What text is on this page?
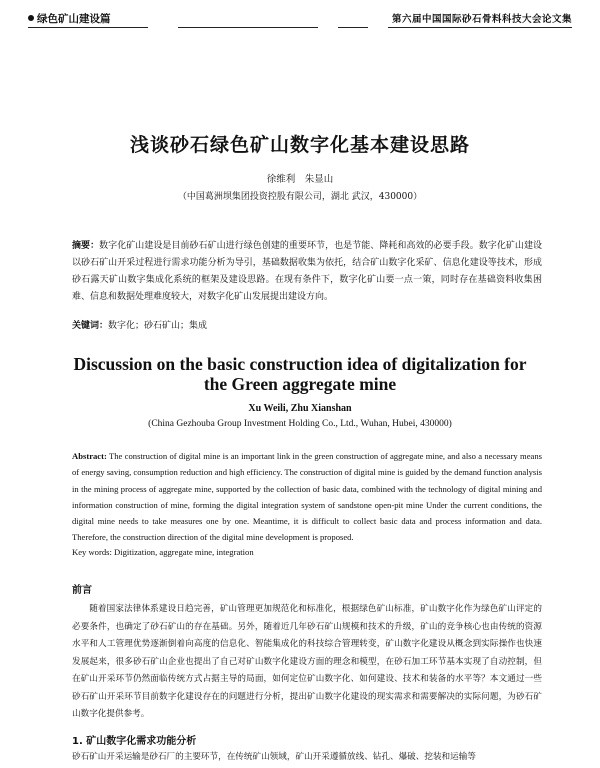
绿色矿山建设篇	第六届中国国际砂石骨料科技大会论文集
浅谈砂石绿色矿山数字化基本建设思路
徐维利　朱显山
（中国葛洲坝集团投资控股有限公司，湖北 武汉，430000）
摘要：数字化矿山建设是目前砂石矿山进行绿色创建的重要环节，也是节能、降耗和高效的必要手段。数字化矿山建设以砂石矿山开采过程进行需求功能分析为导引，基础数据收集为依托，结合矿山数字化采矿、信息化建设等技术，形成砂石露天矿山数字集成化系统的框架及建设思路。在现有条件下，数字化矿山要一点一策，同时存在基础资料收集困难、信息和数据处理难度较大，对数字化矿山发展提出建设方向。
关键词：数字化；砂石矿山；集成
Discussion on the basic construction idea of digitalization for the Green aggregate mine
Xu Weili, Zhu Xianshan
(China Gezhouba Group Investment Holding Co., Ltd., Wuhan, Hubei, 430000)
Abstract: The construction of digital mine is an important link in the green construction of aggregate mine, and also a necessary means of energy saving, consumption reduction and high efficiency. The construction of digital mine is guided by the demand function analysis in the mining process of aggregate mine, supported by the collection of basic data, combined with the technology of digital mining and information construction of mine, forming the digital integration system of sandstone open-pit mine Under the current conditions, the digital mine needs to take measures one by one. Meantime, it is difficult to collect basic data and process information and data. Therefore, the construction direction of the digital mine development is proposed.
Key words: Digitization, aggregate mine, integration
前言
随着国家法律体系建设日趋完善，矿山管理更加规范化和标准化，根据绿色矿山标准，矿山数字化作为绿色矿山评定的必要条件，也确定了砂石矿山的存在基础。另外，随着近几年砂石矿山规模和技术的升级，矿山的竞争核心也由传统的资源水平和人工管理优势逐渐倒着向高度的信息化、智能集成化的科技综合管理转变，矿山数字化建设从概念到实际操作也快速发展起来，很多砂石矿山企业也提出了自己对矿山数字化建设方面的理念和模型，在砂石加工环节基本实现了自动控制，但在矿山开采环节仍然面临传统方式占据主导的局面，如何定位矿山数字化、如何建设、技术和装备的水平等？本文通过一些砂石矿山开采环节目前数字化建设存在的问题进行分析，提出矿山数字化建设的现实需求和需要解决的实际问题，为砂石矿山数字化提供参考。
1. 矿山数字化需求功能分析
砂石矿山开采运输是砂石厂的主要环节，在传统矿山领域，矿山开采遵循放线、钻孔、爆破、挖装和运输等
